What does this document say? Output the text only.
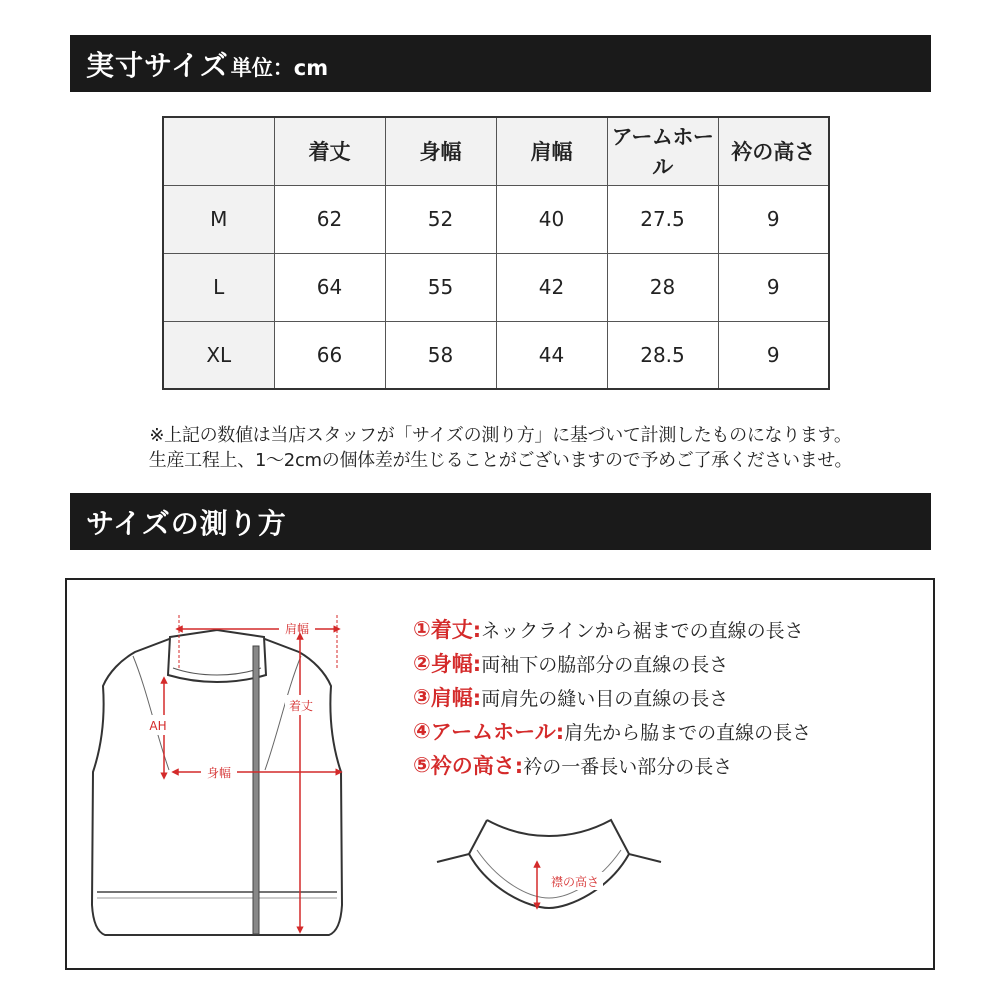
実寸サイズ 単位：cm
	着丈	身幅	肩幅	アームホール	衿の高さ
M	62	52	40	27.5	9
L	64	55	42	28	9
XL	66	58	44	28.5	9
※上記の数値は当店スタッフが「サイズの測り方」に基づいて計測したものになります。
生産工程上、1〜2cmの個体差が生じることがございますので予めご了承くださいませ。
サイズの測り方
肩幅
着丈
AH
身幅
① 着丈: ネックラインから裾までの直線の長さ
② 身幅: 両袖下の脇部分の直線の長さ
③ 肩幅: 両肩先の縫い目の直線の長さ
④ アームホール: 肩先から脇までの直線の長さ
⑤ 衿の高さ: 衿の一番長い部分の長さ
襟の高さ
